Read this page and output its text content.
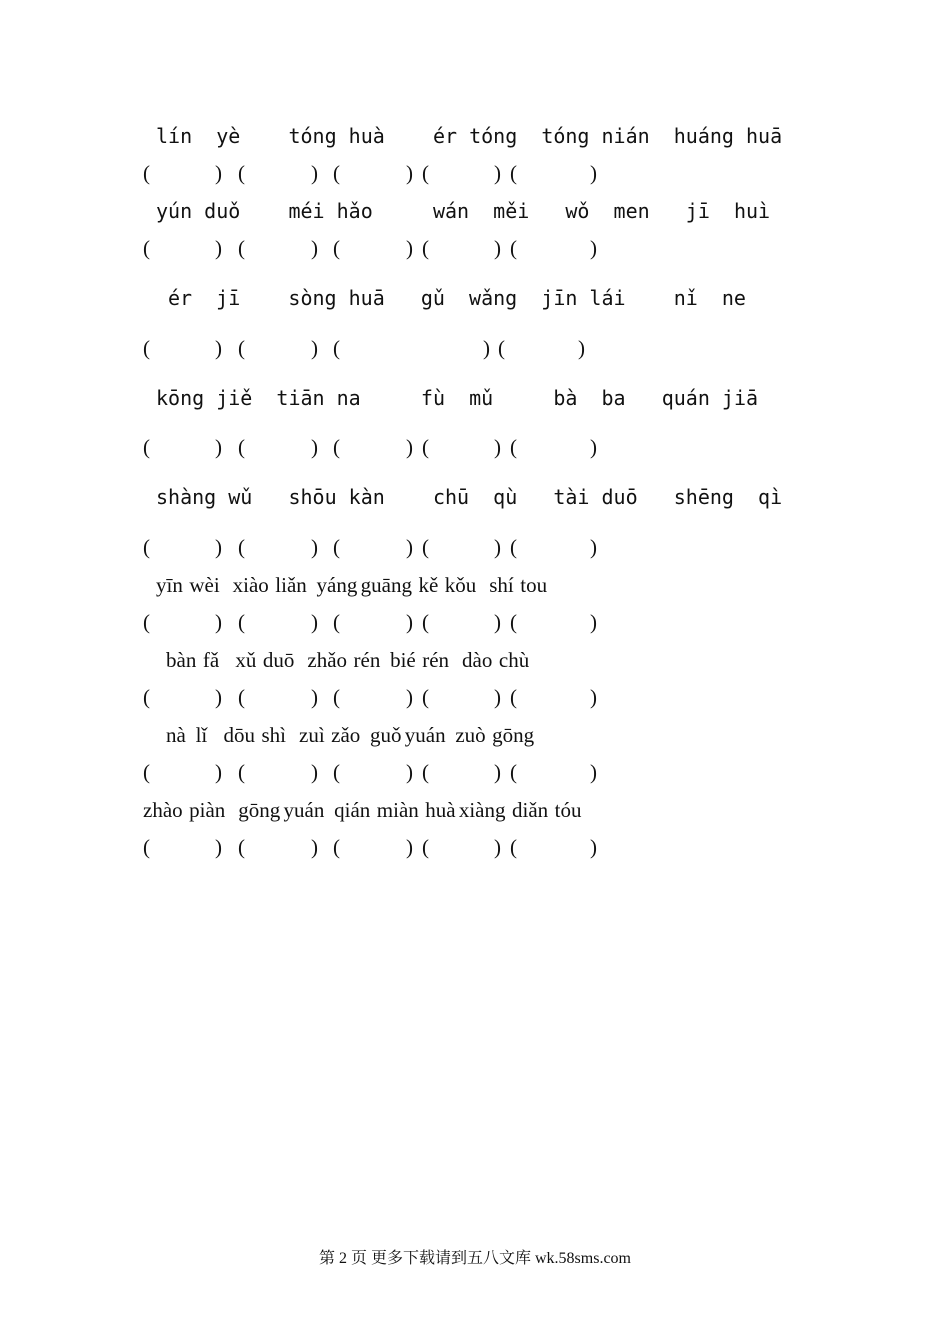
lín  yè    tóng huà    ér tóng  tóng nián  huáng huā

(	)

(	)

(	)

(	)

(	)

yún duǒ    méi hǎo     wán  měi   wǒ  men   jī  huì

(	)

(	)

(	)

(	)

(	)

ér  jī    sòng huā   gǔ  wǎng  jīn lái    nǐ  ne

(	)

(	)

(	)

(	)

kōng jiě  tiān na     fù  mǔ     bà  ba   quán jiā

(	)

(	)

(	)

(	)

(	)

shàng wǔ   shōu kàn    chū  qù   tài duō   shēng  qì

(	)

(	)

(	)

(	)

(	)

yīn  wèi    xiào  liǎn   yáng guāng  kě  kǒu    shí  tou

(	)

(	)

(	)

(	)

(	)

bàn  fǎ     xǔ  duō    zhǎo  rén   bié  rén    dào  chù

(	)

(	)

(	)

(	)

(	)

nà   lǐ     dōu  shì    zuì  zǎo   guǒ yuán   zuò  gōng

(	)

(	)

(	)

(	)

(	)

zhào  piàn    gōng yuán   qián  miàn  huà xiàng  diǎn  tóu

(	)

(	)

(	)

(	)

(	)

第 2 页 更多下载请到五八文库 wk.58sms.com
